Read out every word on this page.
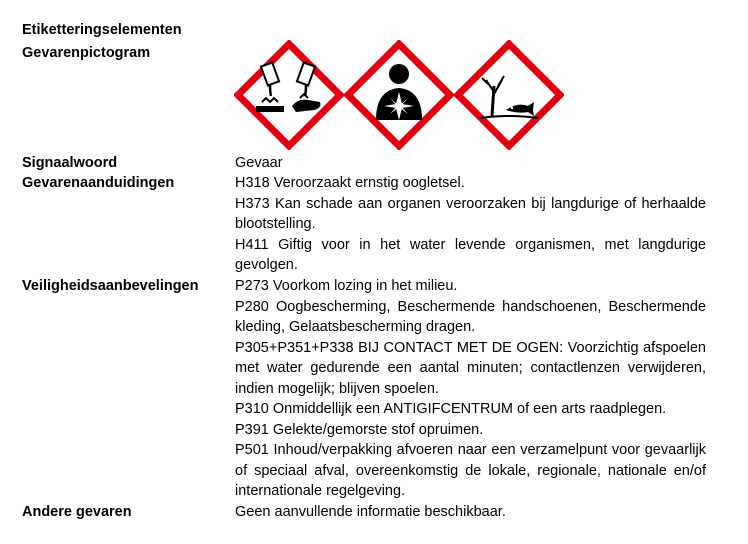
Etiketteringselementen
Gevarenpictogram
Signaalwoord	Gevaar
Gevarenaanduidingen	H318 Veroorzaakt ernstig oogletsel.

H373 Kan schade aan organen veroorzaken bij langdurige of herhaalde blootstelling.

H411 Giftig voor in het water levende organismen, met langdurige gevolgen.

Veiligheidsaanbevelingen	P273 Voorkom lozing in het milieu.

P280 Oogbescherming, Beschermende handschoenen, Beschermende kleding, Gelaatsbescherming dragen.

P305+P351+P338 BIJ CONTACT MET DE OGEN: Voorzichtig afspoelen met water gedurende een aantal minuten; contactlenzen verwijderen, indien mogelijk; blijven spoelen.

P310 Onmiddellijk een ANTIGIFCENTRUM of een arts raadplegen.

P391 Gelekte/gemorste stof opruimen.

P501 Inhoud/verpakking afvoeren naar een verzamelpunt voor gevaarlijk of speciaal afval, overeenkomstig de lokale, regionale, nationale en/of internationale regelgeving.

Andere gevaren	Geen aanvullende informatie beschikbaar.
